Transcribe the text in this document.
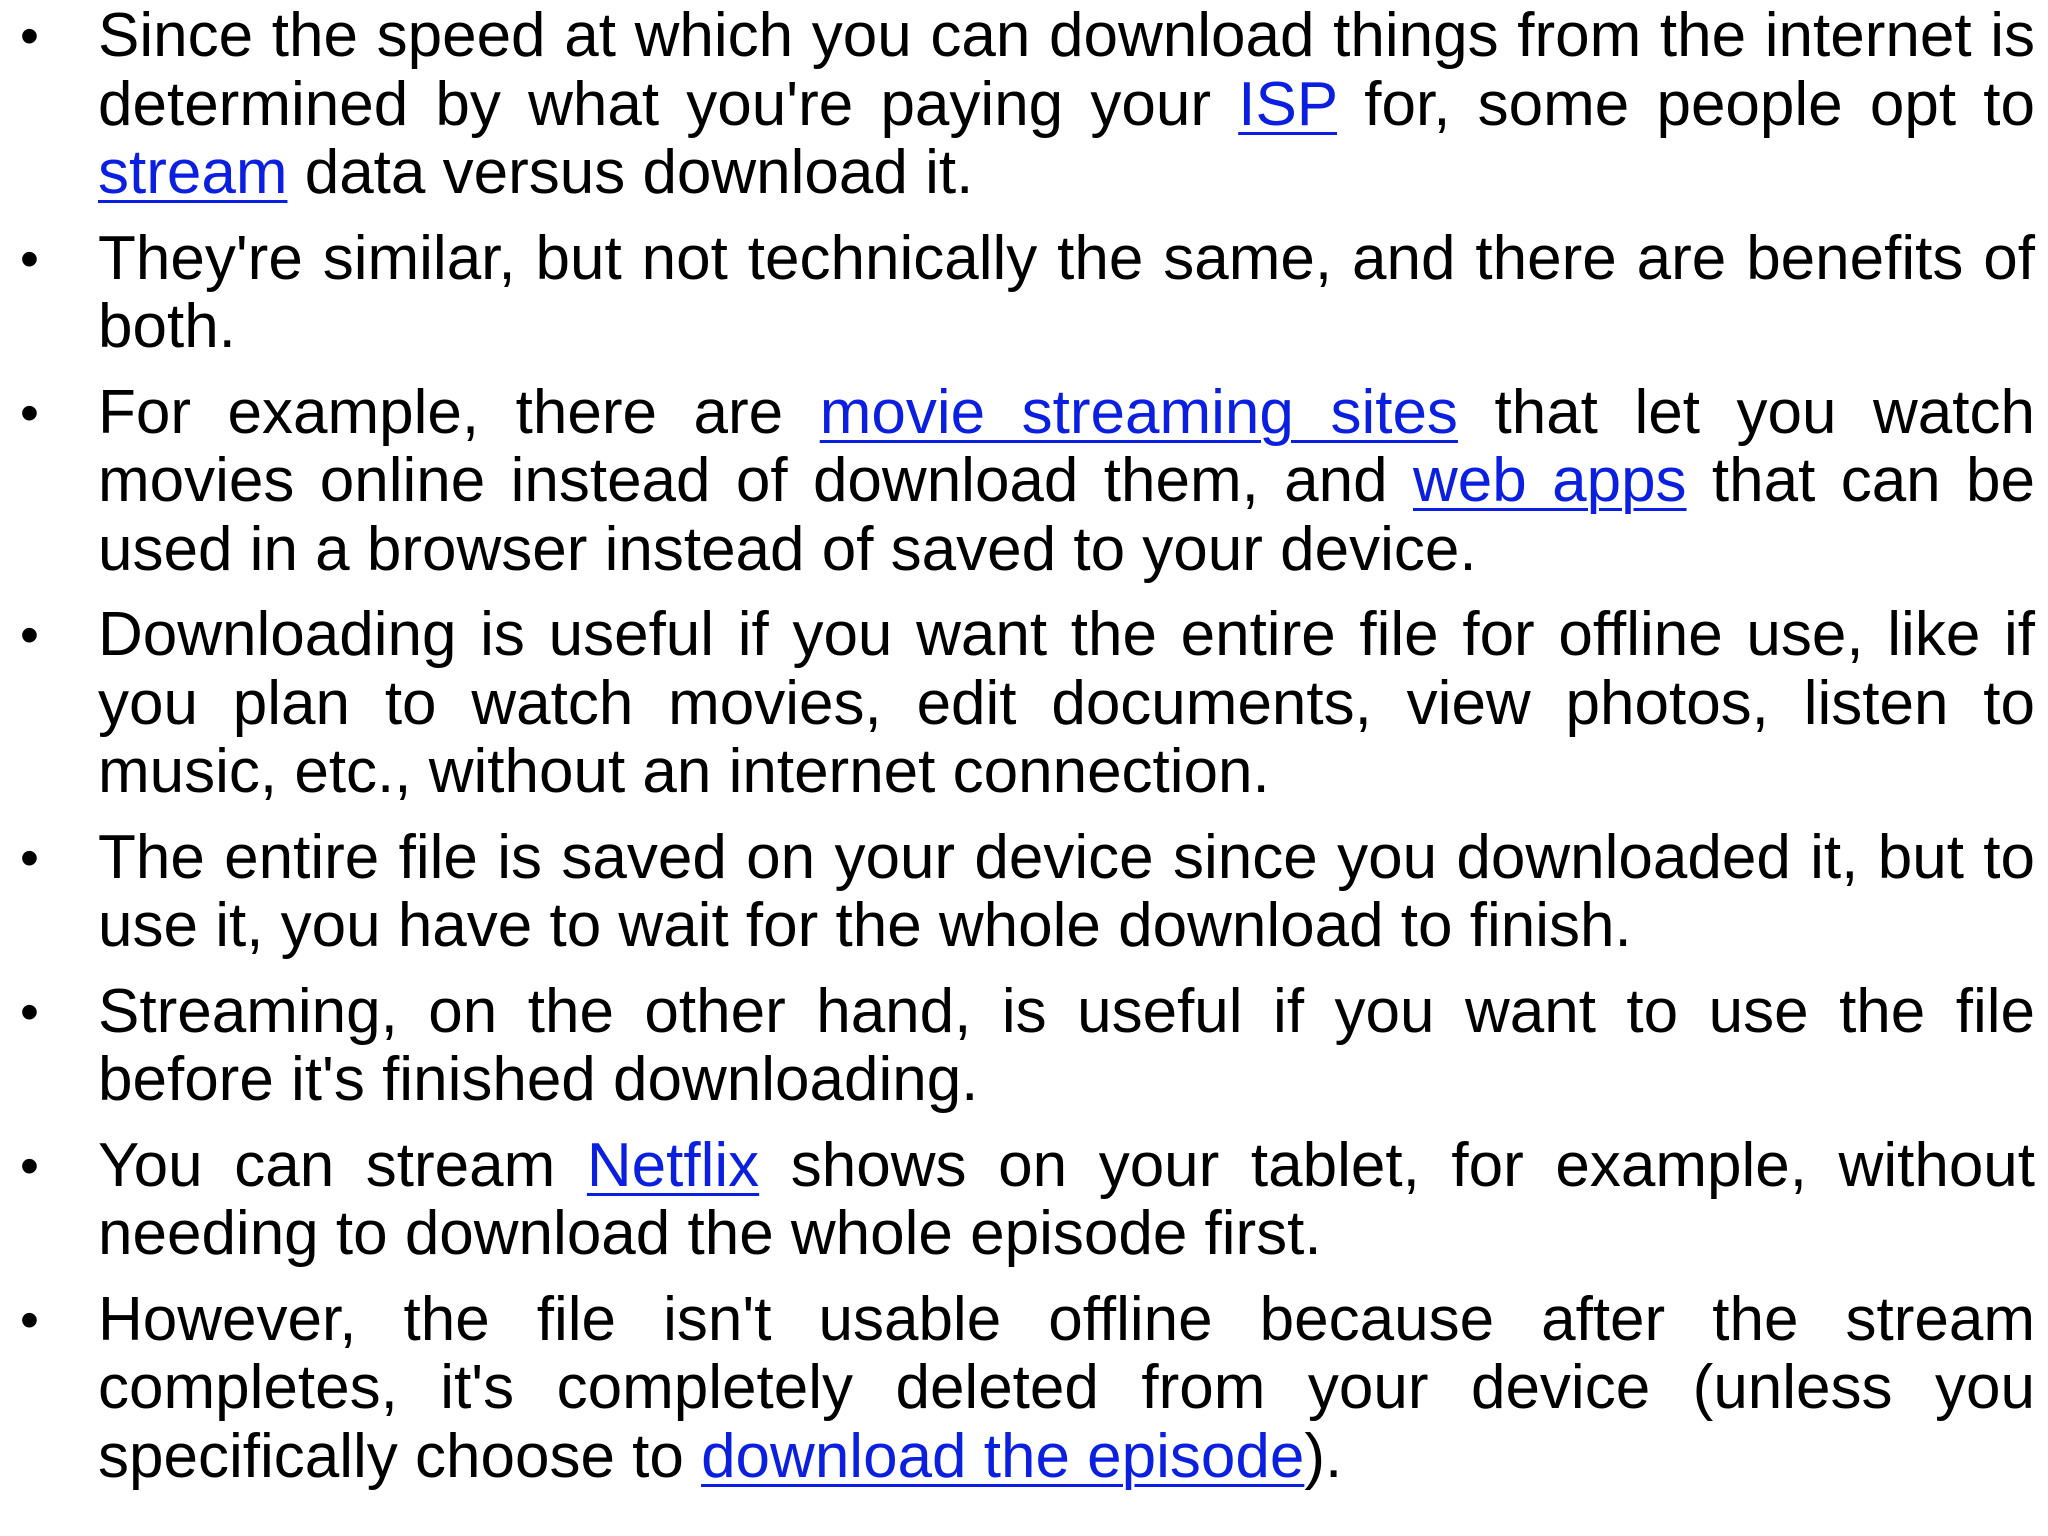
• Since the speed at which you can download things from the internet is determined by what you're paying your ISP for, some people opt to stream data versus download it.
• They're similar, but not technically the same, and there are benefits of both.
• For example, there are movie streaming sites that let you watch movies online instead of download them, and web apps that can be used in a browser instead of saved to your device.
• Downloading is useful if you want the entire file for offline use, like if you plan to watch movies, edit documents, view photos, listen to music, etc., without an internet connection.
• The entire file is saved on your device since you downloaded it, but to use it, you have to wait for the whole download to finish.
• Streaming, on the other hand, is useful if you want to use the file before it's finished downloading.
• You can stream Netflix shows on your tablet, for example, without needing to download the whole episode first.
• However, the file isn't usable offline because after the stream completes, it's completely deleted from your device (unless you specifically choose to download the episode).
